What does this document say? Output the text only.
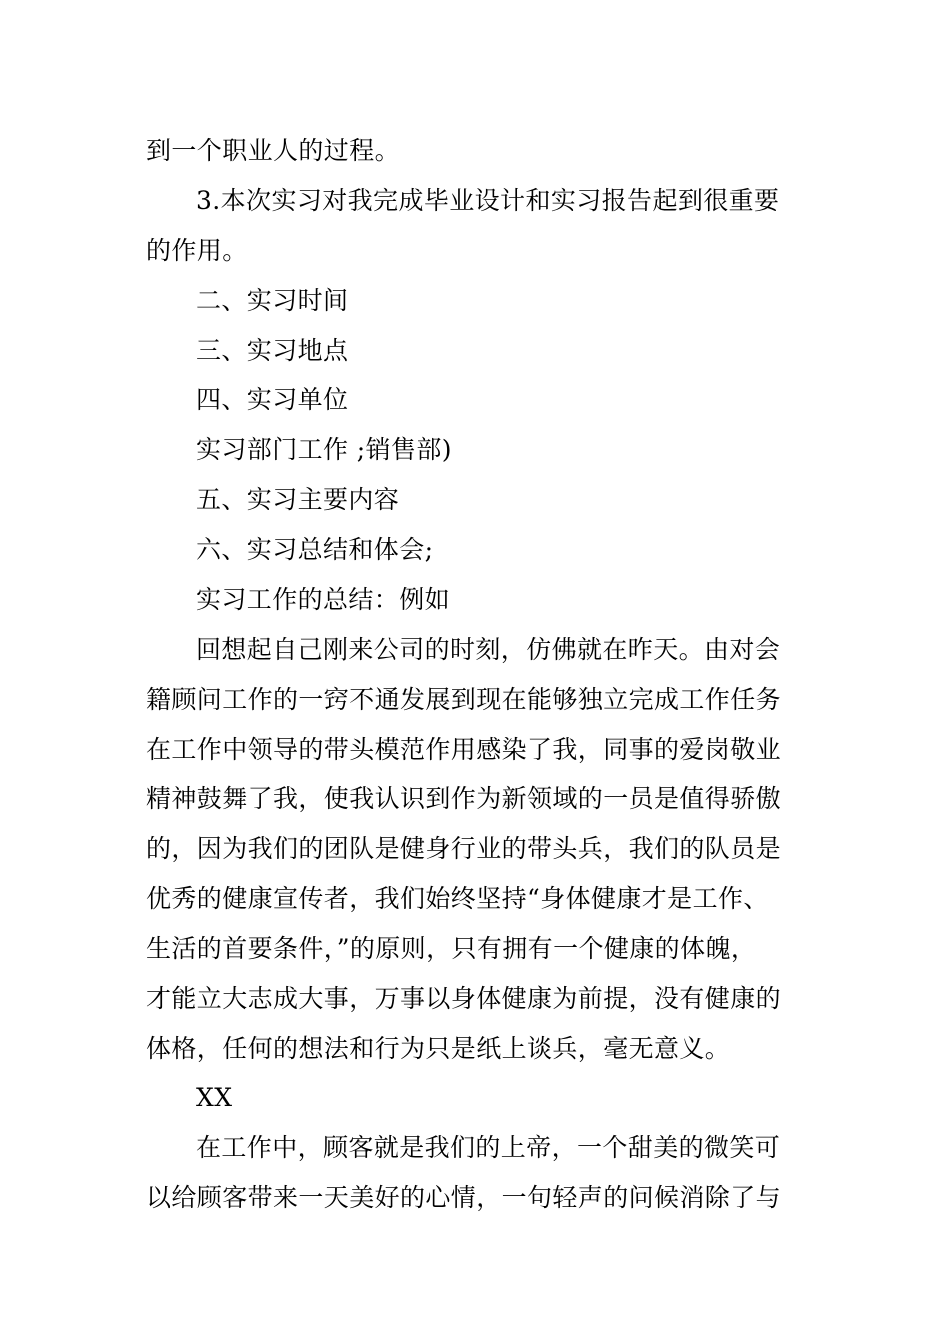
到一个职业人的过程。
3.本次实习对我完成毕业设计和实习报告起到很重要
的作用。
二、实习时间
三、实习地点
四、实习单位
实习部门工作 ;销售部)
五、实习主要内容
六、实习总结和体会;
实习工作的总结：例如
回想起自己刚来公司的时刻，仿佛就在昨天。由对会
籍顾问工作的一窍不通发展到现在能够独立完成工作任务
在工作中领导的带头模范作用感染了我，同事的爱岗敬业
精神鼓舞了我，使我认识到作为新领域的一员是值得骄傲
的，因为我们的团队是健身行业的带头兵，我们的队员是
优秀的健康宣传者，我们始终坚持“身体健康才是工作、
生活的首要条件，”的原则，只有拥有一个健康的体魄，
才能立大志成大事，万事以身体健康为前提，没有健康的
体格，任何的想法和行为只是纸上谈兵，毫无意义。
XX
在工作中，顾客就是我们的上帝，一个甜美的微笑可
以给顾客带来一天美好的心情，一句轻声的问候消除了与
